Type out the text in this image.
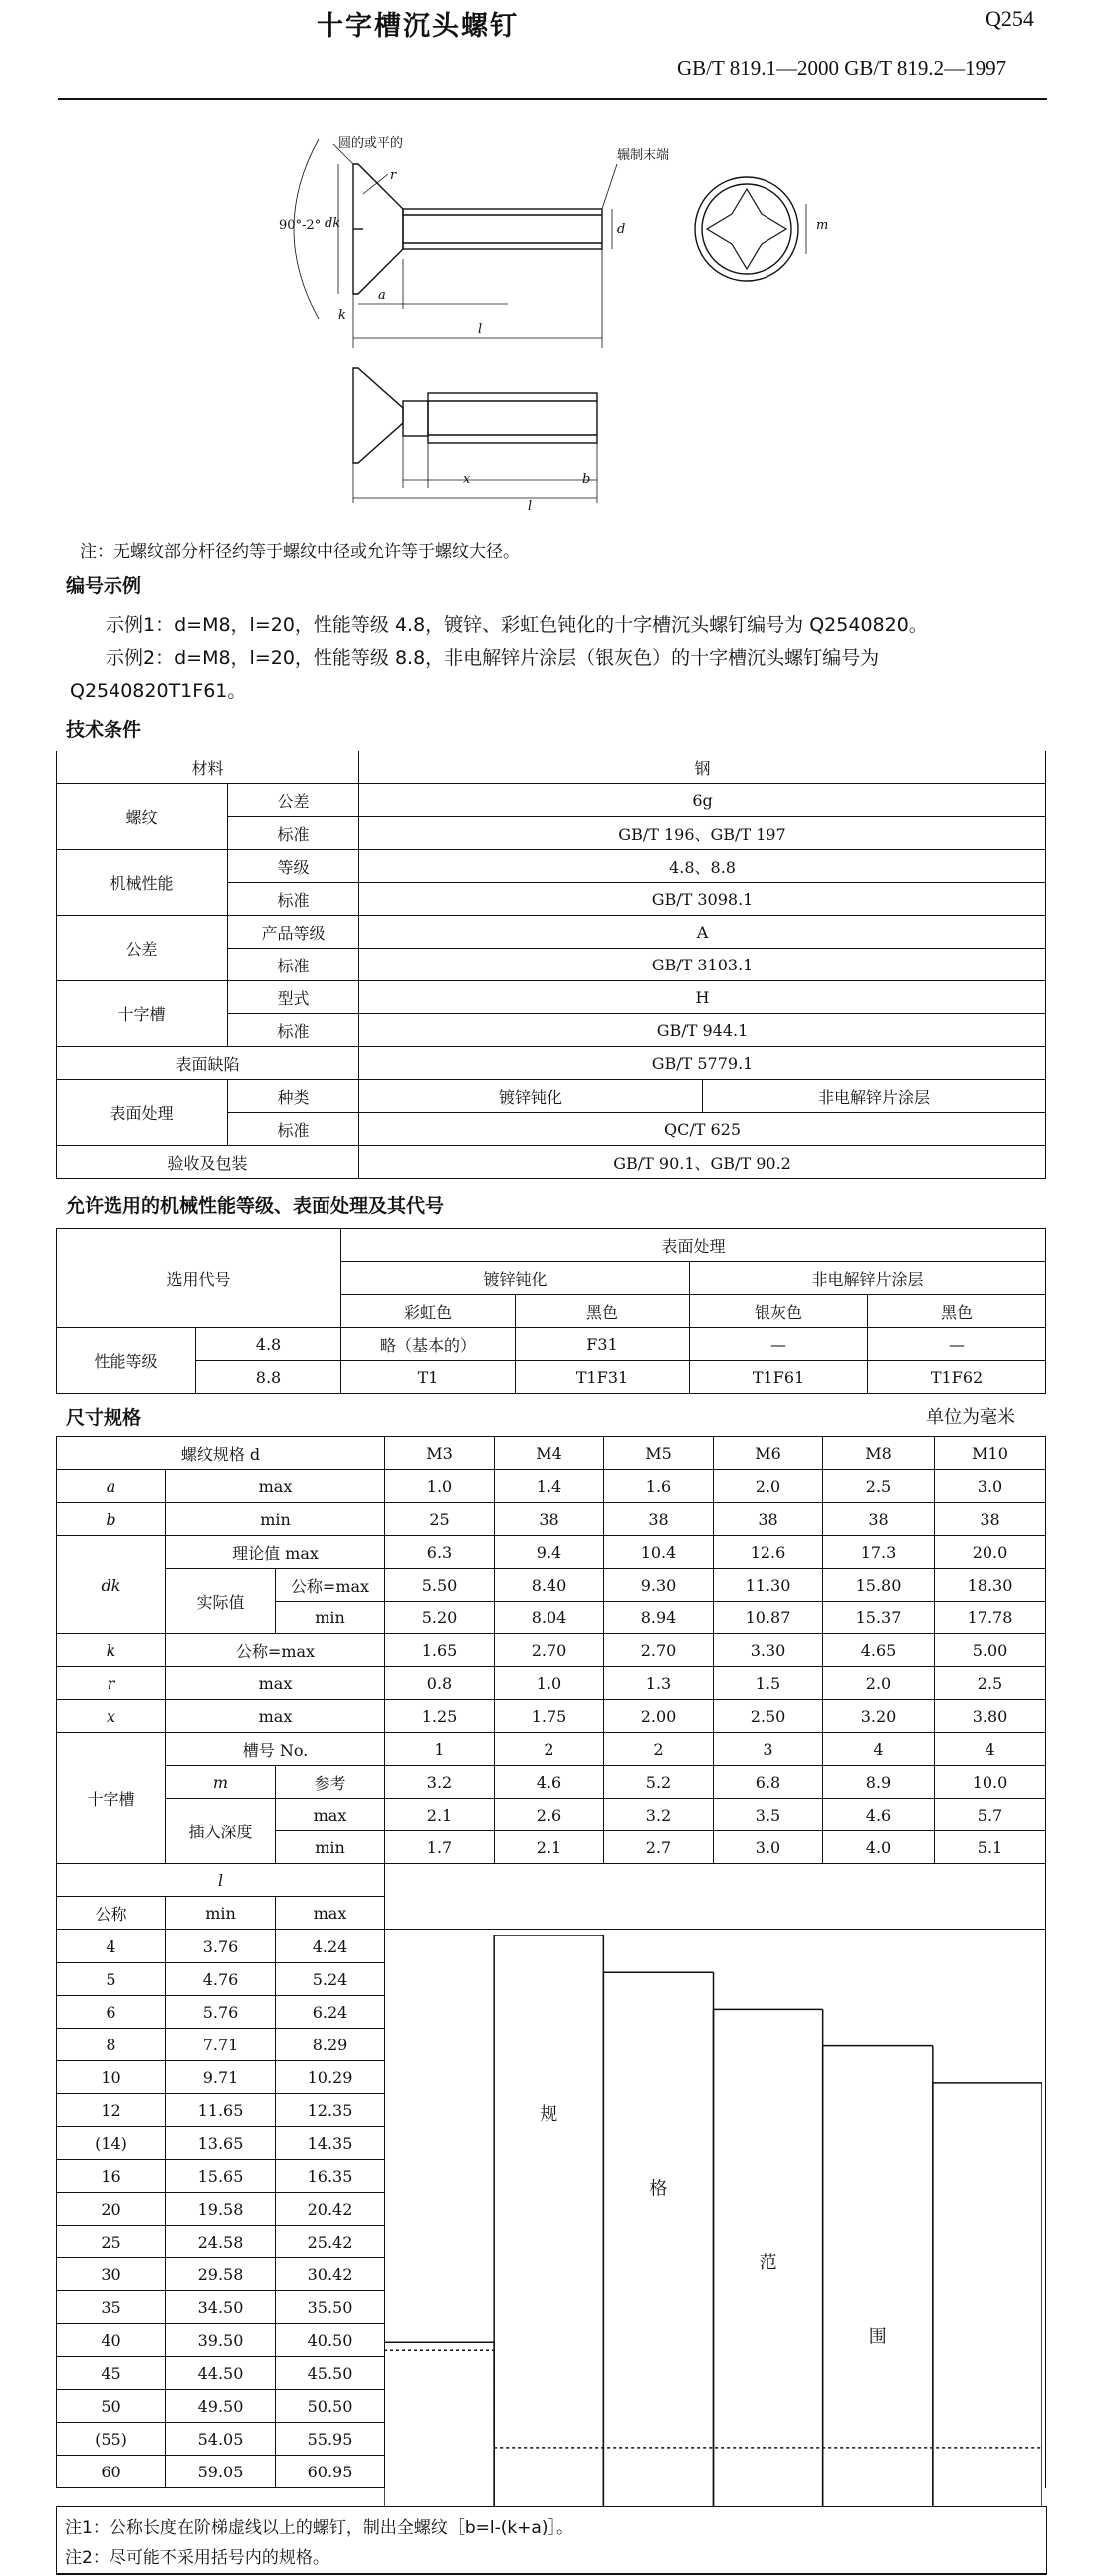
十字槽沉头螺钉	Q254
GB/T 819.1—2000 GB/T 819.2—1997
圆的或平的
r
辗制末端
90°-2° dk	d
a
k
l
m
x	b
l
注：无螺纹部分杆径约等于螺纹中径或允许等于螺纹大径。
编号示例
示例1：d=M8，l=20，性能等级 4.8，镀锌、彩虹色钝化的十字槽沉头螺钉编号为 Q2540820。
示例2：d=M8，l=20，性能等级 8.8，非电解锌片涂层（银灰色）的十字槽沉头螺钉编号为 Q2540820T1F61。
技术条件
材料		钢	
螺纹	公差	6g	
	标准	GB/T 196、GB/T 197	
机械性能	等级	4.8、8.8	
	标准	GB/T 3098.1	
公差	产品等级	A	
	标准	GB/T 3103.1	
十字槽	型式	H	
	标准	GB/T 944.1	
表面缺陷		GB/T 5779.1	
表面处理	种类	镀锌钝化	非电解锌片涂层
	标准	QC/T 625	
验收及包装		GB/T 90.1、GB/T 90.2	
允许选用的机械性能等级、表面处理及其代号
选用代号		表面处理			
		镀锌钝化		非电解锌片涂层	
		彩虹色	黑色	银灰色	黑色
性能等级	4.8	略（基本的）	F31	—	—
	8.8	T1	T1F31	T1F61	T1F62
尺寸规格	单位为毫米
螺纹规格 d			M3	M4	M5	M6	M8	M10
a	max		1.0	1.4	1.6	2.0	2.5	3.0
b	min		25	38	38	38	38	38
dk	理论值 max		6.3	9.4	10.4	12.6	17.3	20.0
	实际值	公称=max	5.50	8.40	9.30	11.30	15.80	18.30
		min	5.20	8.04	8.94	10.87	15.37	17.78
k	公称=max		1.65	2.70	2.70	3.30	4.65	5.00
r	max		0.8	1.0	1.3	1.5	2.0	2.5
x	max		1.25	1.75	2.00	2.50	3.20	3.80
十字槽	槽号 No.		1	2	2	3	4	4
	m	参考	3.2	4.6	5.2	6.8	8.9	10.0
	插入深度	max	2.1	2.6	3.2	3.5	4.6	5.7
		min	1.7	2.1	2.7	3.0	4.0	5.1
l								
公称	min	max						
4	3.76	4.24						
5	4.76	5.24						
6	5.76	6.24						
8	7.71	8.29						
10	9.71	10.29						
12	11.65	12.35						
(14)	13.65	14.35						
16	15.65	16.35						
20	19.58	20.42						
25	24.58	25.42						
30	29.58	30.42						
35	34.50	35.50						
40	39.50	40.50						
45	44.50	45.50						
50	49.50	50.50						
(55)	54.05	55.95						
60	59.05	60.95						
规
格
范
围
注1：公称长度在阶梯虚线以上的螺钉，制出全螺纹［b=l-(k+a)］。
注2：尽可能不采用括号内的规格。
